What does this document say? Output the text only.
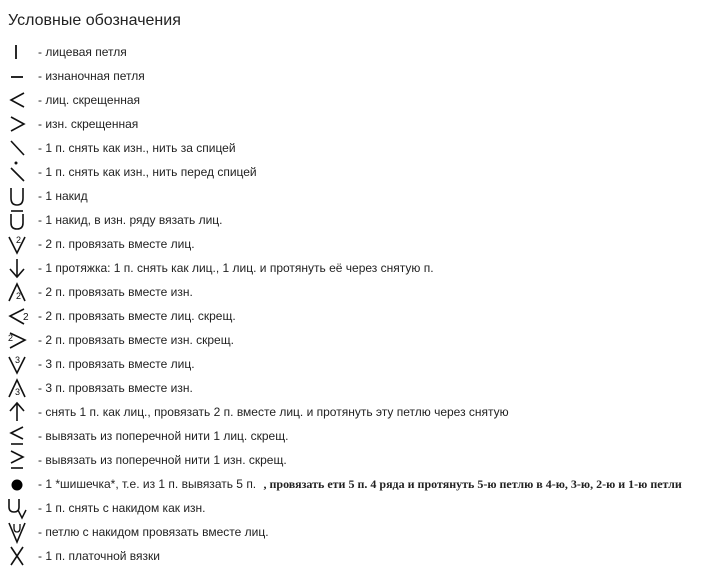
Условные обозначения
- лицевая петля
- изнаночная петля
- лиц. скрещенная
- изн. скрещенная
- 1 п. снять как изн., нить за спицей
- 1 п. снять как изн., нить перед спицей
- 1 накид
- 1 накид, в изн. ряду вязать лиц.
2 - 2 п. провязать вместе лиц.
- 1 протяжка: 1 п. снять как лиц., 1 лиц. и протянуть её через снятую п.
2 - 2 п. провязать вместе изн.
2 - 2 п. провязать вместе лиц. скрещ.
2 - 2 п. провязать вместе изн. скрещ.
3 - 3 п. провязать вместе лиц.
3 - 3 п. провязать вместе изн.
- снять 1 п. как лиц., провязать 2 п. вместе лиц. и протянуть эту петлю через снятую
- вывязать из поперечной нити 1 лиц. скрещ.
- вывязать из поперечной нити 1 изн. скрещ.
- 1 *шишечка*, т.е. из 1 п. вывязать 5 п. , провязать ети 5 п. 4 ряда и протянуть 5-ю петлю в 4-ю, 3-ю, 2-ю и 1-ю петли
- 1 п. снять с накидом как изн.
- петлю с накидом провязать вместе лиц.
- 1 п. платочной вязки
